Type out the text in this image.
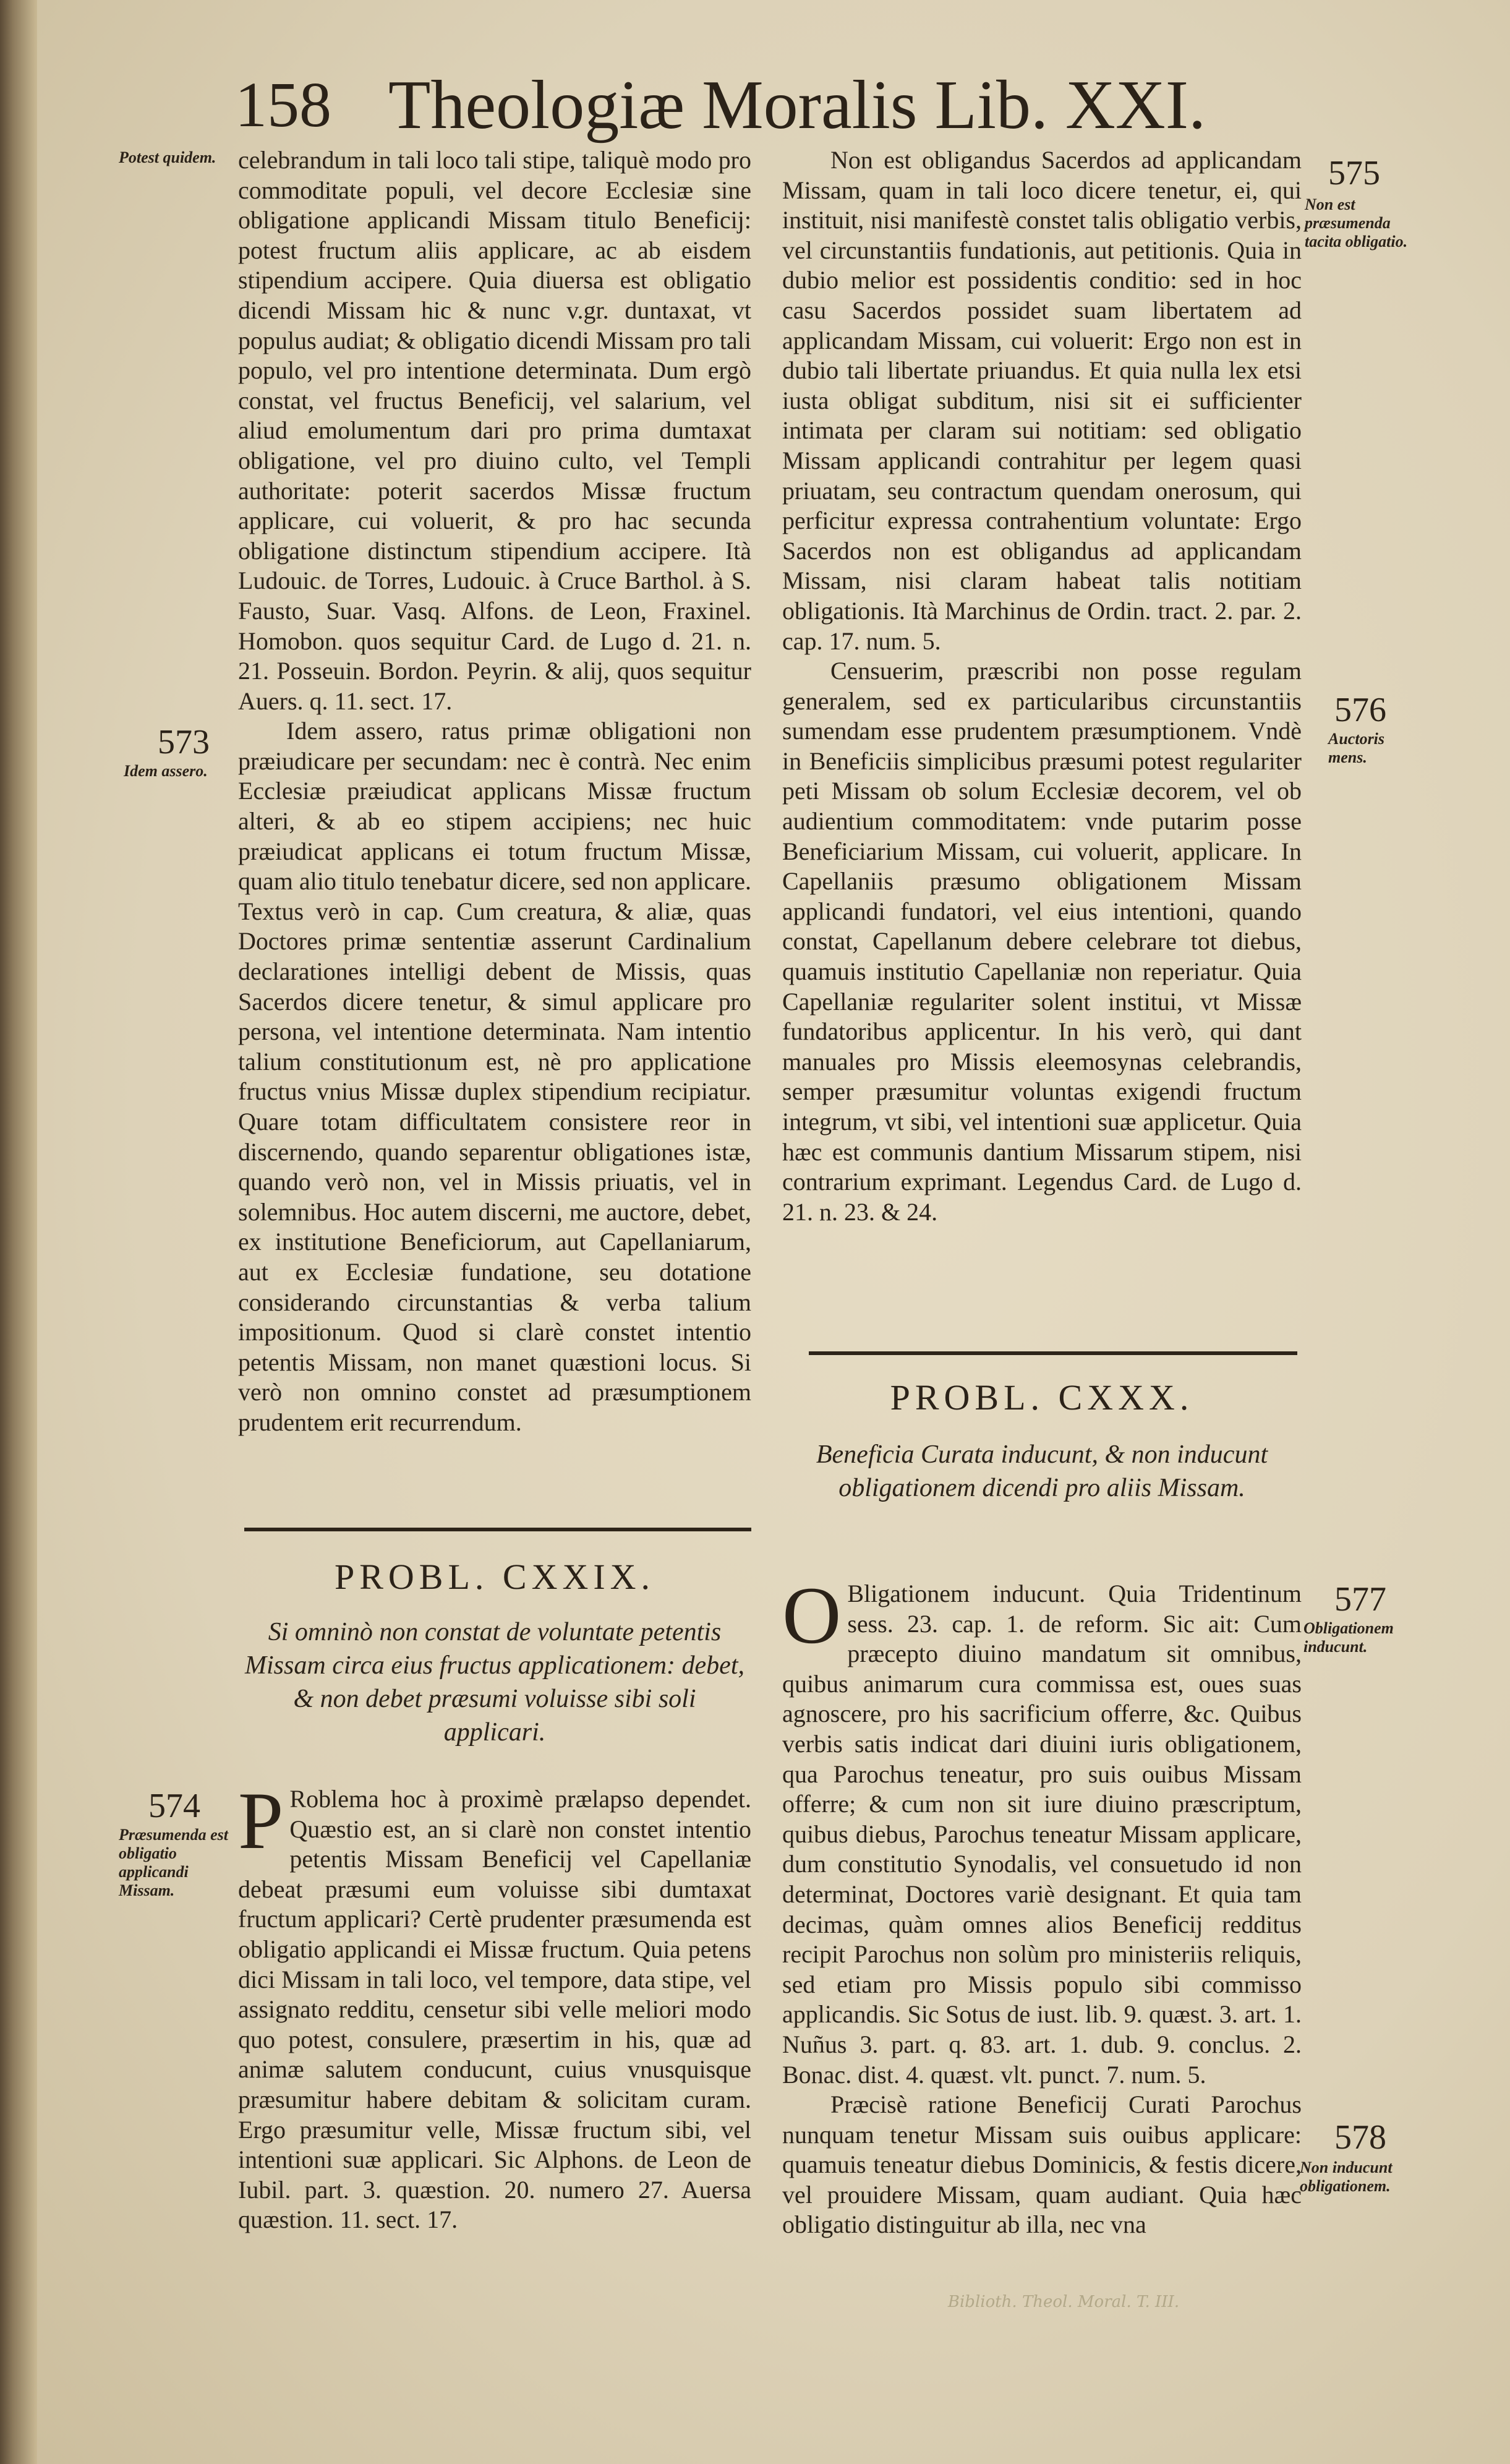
158 Theologiæ Moralis Lib. XXI.
Potest quidem.
573
Idem assero.
574
Præsumenda est obligatio applicandi Missam.
575
Non est præsumenda tacita obligatio.
576
Auctoris mens.
577
Obligationem inducunt.
578
Non inducunt obligationem.

celebrandum in tali loco tali stipe, taliquè modo pro commoditate populi, vel decore Ecclesiæ sine obligatione applicandi Missam titulo Beneficij: potest fructum aliis applicare, ac ab eisdem stipendium accipere. Quia diuersa est obligatio dicendi Missam hic & nunc v.gr. duntaxat, vt populus audiat; & obligatio dicendi Missam pro tali populo, vel pro intentione determinata. Dum ergò constat, vel fructus Beneficij, vel salarium, vel aliud emolumentum dari pro prima dumtaxat obligatione, vel pro diuino culto, vel Templi authoritate: poterit sacerdos Missæ fructum applicare, cui voluerit, & pro hac secunda obligatione distinctum stipendium accipere. Ità Ludouic. de Torres, Ludouic. à Cruce Barthol. à S. Fausto, Suar. Vasq. Alfons. de Leon, Fraxinel. Homobon. quos sequitur Card. de Lugo d. 21. n. 21. Posseuin. Bordon. Peyrin. & alij, quos sequitur Auers. q. 11. sect. 17.

Idem assero, ratus primæ obligationi non præiudicare per secundam: nec è contrà. Nec enim Ecclesiæ præiudicat applicans Missæ fructum alteri, & ab eo stipem accipiens; nec huic præiudicat applicans ei totum fructum Missæ, quam alio titulo tenebatur dicere, sed non applicare. Textus verò in cap. Cum creatura, & aliæ, quas Doctores primæ sententiæ asserunt Cardinalium declarationes intelligi debent de Missis, quas Sacerdos dicere tenetur, & simul applicare pro persona, vel intentione determinata. Nam intentio talium constitutionum est, nè pro applicatione fructus vnius Missæ duplex stipendium recipiatur. Quare totam difficultatem consistere reor in discernendo, quando separentur obligationes istæ, quando verò non, vel in Missis priuatis, vel in solemnibus. Hoc autem discerni, me auctore, debet, ex institutione Beneficiorum, aut Capellaniarum, aut ex Ecclesiæ fundatione, seu dotatione considerando circunstantias & verba talium impositionum. Quod si clarè constet intentio petentis Missam, non manet quæstioni locus. Si verò non omnino constet ad præsumptionem prudentem erit recurrendum.

PROBL. CXXIX.
Si omninò non constat de voluntate petentis Missam circa eius fructus applicationem: debet, & non debet præsumi voluisse sibi soli applicari.

P Roblema hoc à proximè prælapso dependet. Quæstio est, an si clarè non constet intentio petentis Missam Beneficij vel Capellaniæ debeat præsumi eum voluisse sibi dumtaxat fructum applicari? Certè prudenter præsumenda est obligatio applicandi ei Missæ fructum. Quia petens dici Missam in tali loco, vel tempore, data stipe, vel assignato redditu, censetur sibi velle meliori modo quo potest, consulere, præsertim in his, quæ ad animæ salutem conducunt, cuius vnusquisque præsumitur habere debitam & solicitam curam. Ergo præsumitur velle, Missæ fructum sibi, vel intentioni suæ applicari. Sic Alphons. de Leon de Iubil. part. 3. quæstion. 20. numero 27. Auersa quæstion. 11. sect. 17.

Non est obligandus Sacerdos ad applicandam Missam, quam in tali loco dicere tenetur, ei, qui instituit, nisi manifestè constet talis obligatio verbis, vel circunstantiis fundationis, aut petitionis. Quia in dubio melior est possidentis conditio: sed in hoc casu Sacerdos possidet suam libertatem ad applicandam Missam, cui voluerit: Ergo non est in dubio tali libertate priuandus. Et quia nulla lex etsi iusta obligat subditum, nisi sit ei sufficienter intimata per claram sui notitiam: sed obligatio Missam applicandi contrahitur per legem quasi priuatam, seu contractum quendam onerosum, qui perficitur expressa contrahentium voluntate: Ergo Sacerdos non est obligandus ad applicandam Missam, nisi claram habeat talis notitiam obligationis. Ità Marchinus de Ordin. tract. 2. par. 2. cap. 17. num. 5.

Censuerim, præscribi non posse regulam generalem, sed ex particularibus circunstantiis sumendam esse prudentem præsumptionem. Vndè in Beneficiis simplicibus præsumi potest regulariter peti Missam ob solum Ecclesiæ decorem, vel ob audientium commoditatem: vnde putarim posse Beneficiarium Missam, cui voluerit, applicare. In Capellaniis præsumo obligationem Missam applicandi fundatori, vel eius intentioni, quando constat, Capellanum debere celebrare tot diebus, quamuis institutio Capellaniæ non reperiatur. Quia Capellaniæ regulariter solent institui, vt Missæ fundatoribus applicentur. In his verò, qui dant manuales pro Missis eleemosynas celebrandis, semper præsumitur voluntas exigendi fructum integrum, vt sibi, vel intentioni suæ applicetur. Quia hæc est communis dantium Missarum stipem, nisi contrarium exprimant. Legendus Card. de Lugo d. 21. n. 23. & 24.

PROBL. CXXX.
Beneficia Curata inducunt, & non inducunt obligationem dicendi pro aliis Missam.

O Bligationem inducunt. Quia Tridentinum sess. 23. cap. 1. de reform. Sic ait: Cum præcepto diuino mandatum sit omnibus, quibus animarum cura commissa est, oues suas agnoscere, pro his sacrificium offerre, &c. Quibus verbis satis indicat dari diuini iuris obligationem, qua Parochus teneatur, pro suis ouibus Missam offerre; & cum non sit iure diuino præscriptum, quibus diebus, Parochus teneatur Missam applicare, dum constitutio Synodalis, vel consuetudo id non determinat, Doctores variè designant. Et quia tam decimas, quàm omnes alios Beneficij redditus recipit Parochus non solùm pro ministeriis reliquis, sed etiam pro Missis populo sibi commisso applicandis. Sic Sotus de iust. lib. 9. quæst. 3. art. 1. Nuñus 3. part. q. 83. art. 1. dub. 9. conclus. 2. Bonac. dist. 4. quæst. vlt. punct. 7. num. 5.

Præcisè ratione Beneficij Curati Parochus nunquam tenetur Missam suis ouibus applicare: quamuis teneatur diebus Dominicis, & festis dicere, vel prouidere Missam, quam audiant. Quia hæc obligatio distinguitur ab illa, nec vna

Biblioth. Theol. Moral. T. III.
